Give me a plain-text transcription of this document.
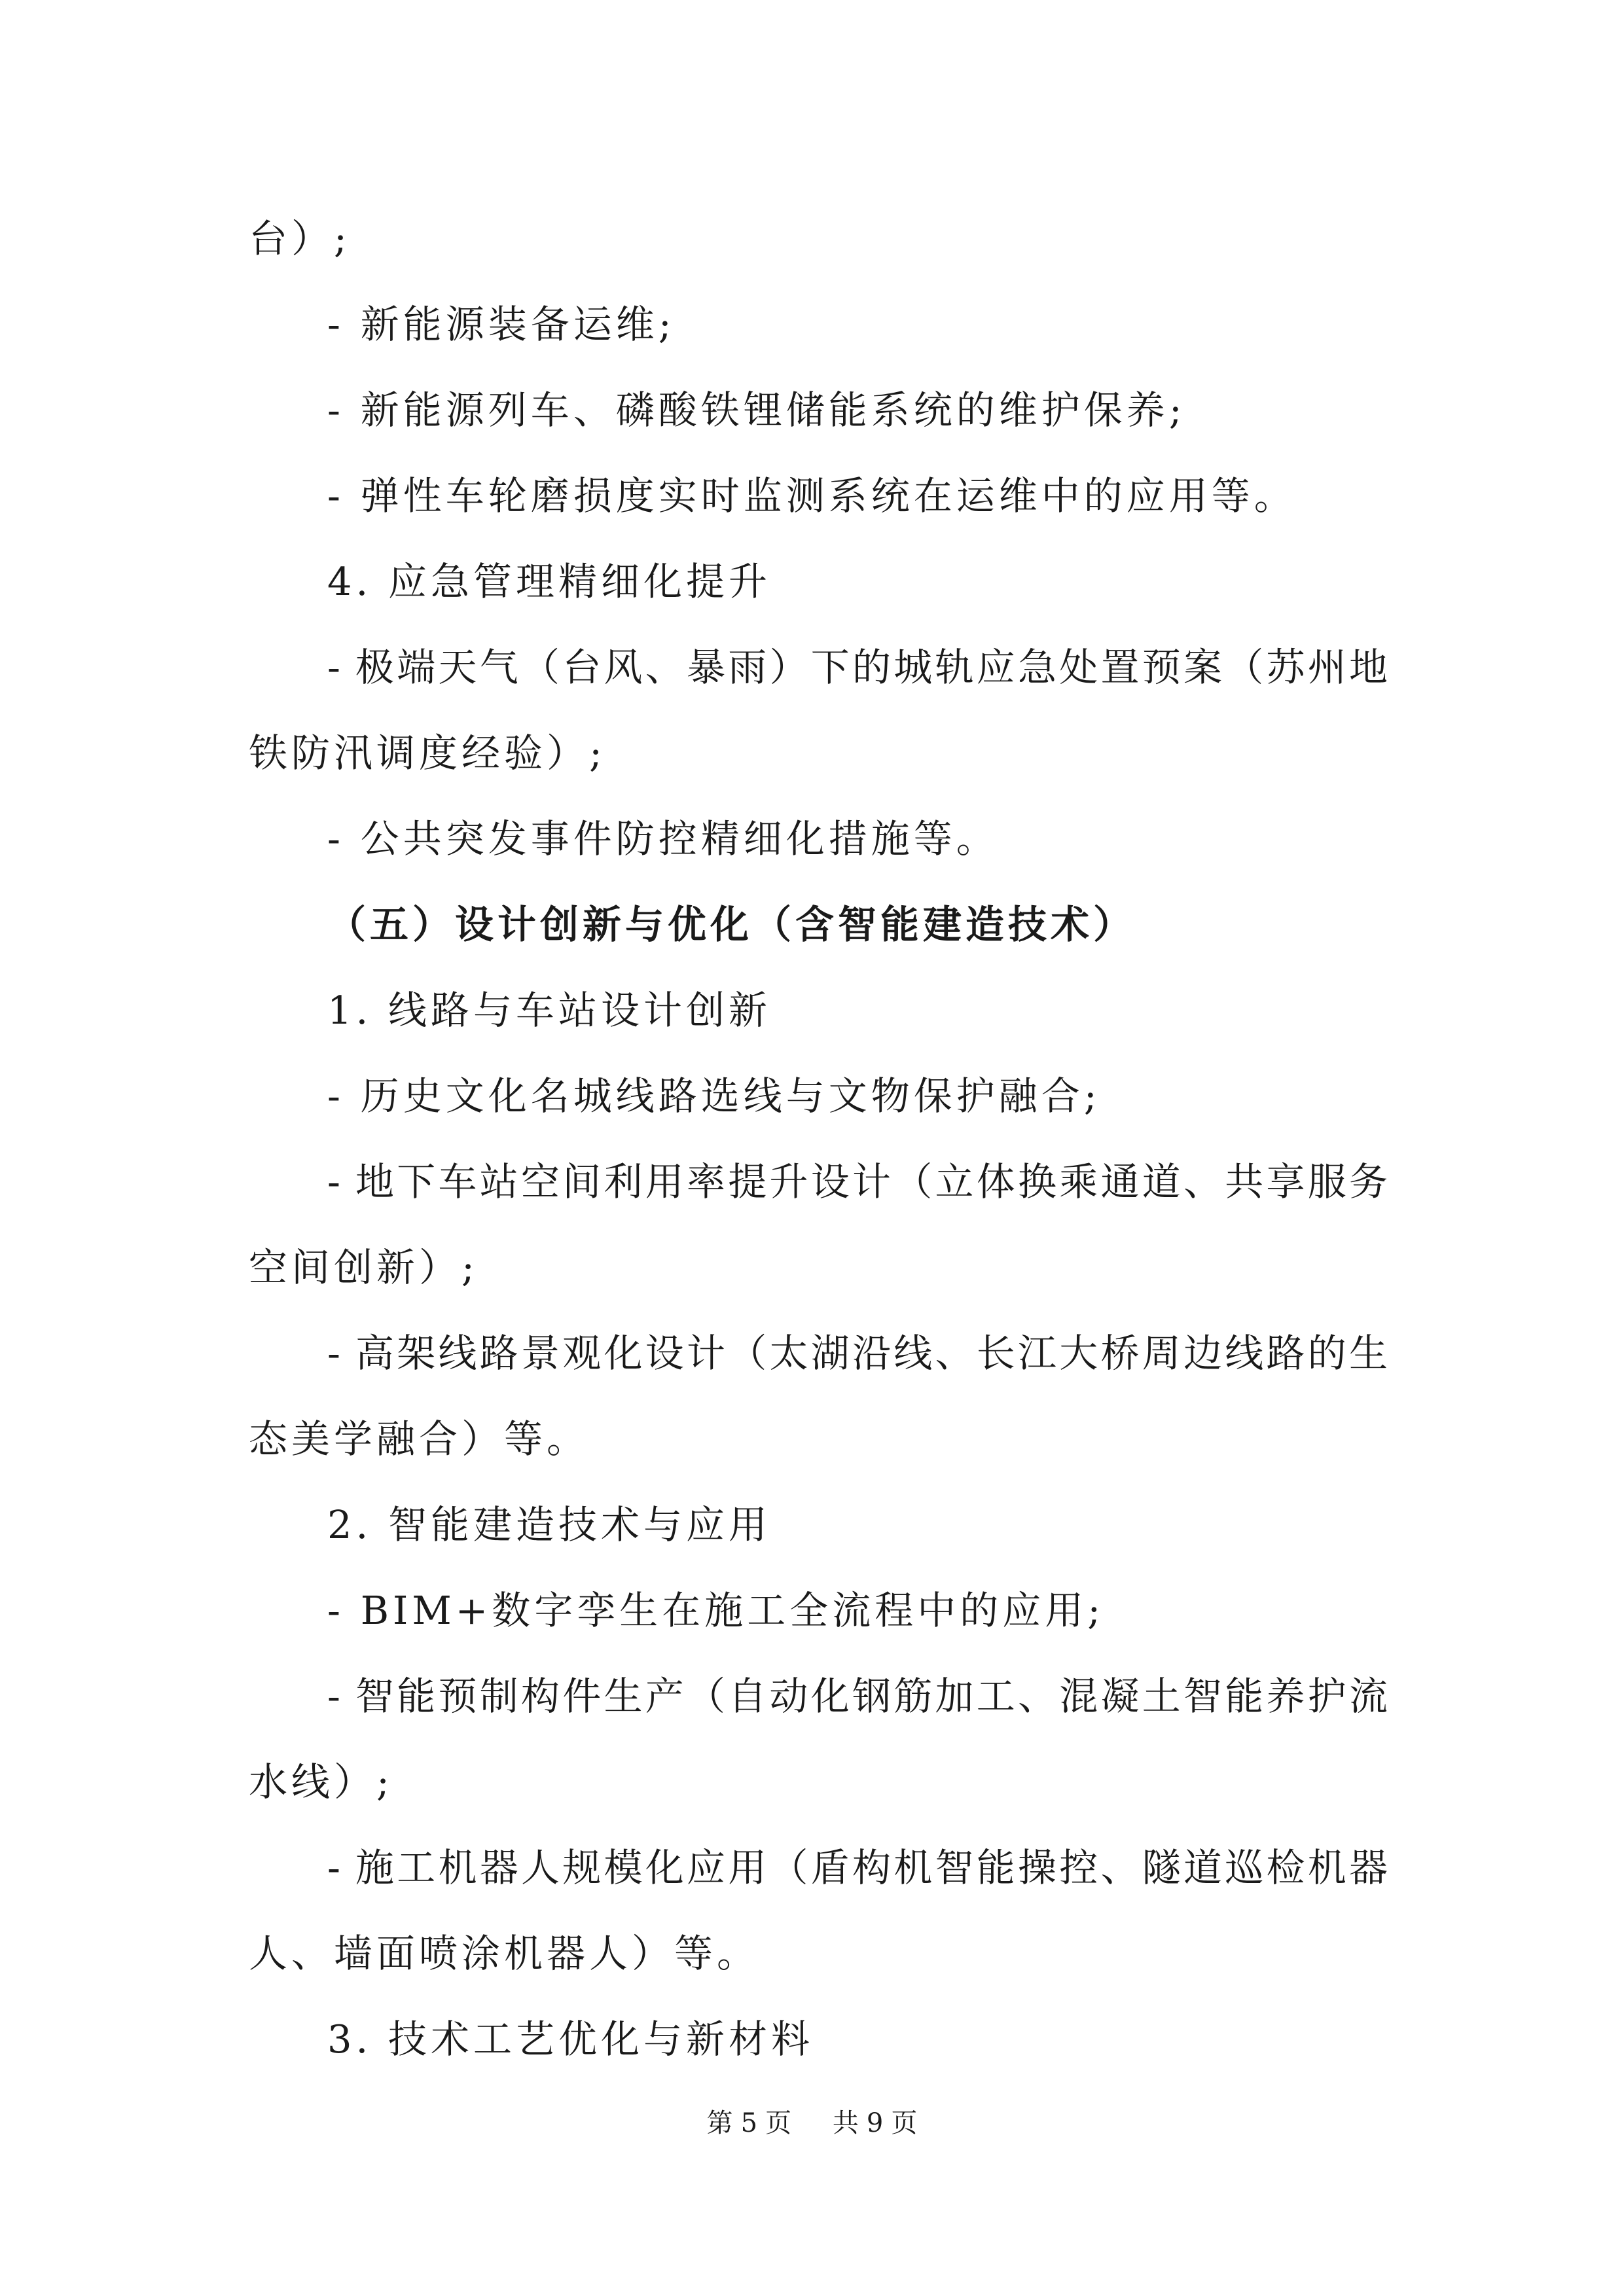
台）;
- 新能源装备运维;
- 新能源列车、磷酸铁锂储能系统的维护保养;
- 弹性车轮磨损度实时监测系统在运维中的应用等。
4. 应急管理精细化提升
- 极端天气（台风、暴雨）下的城轨应急处置预案（苏州地
铁防汛调度经验）;
- 公共突发事件防控精细化措施等。
（五）设计创新与优化（含智能建造技术）
1. 线路与车站设计创新
- 历史文化名城线路选线与文物保护融合;
- 地下车站空间利用率提升设计（立体换乘通道、共享服务
空间创新）;
- 高架线路景观化设计（太湖沿线、长江大桥周边线路的生
态美学融合）等。
2. 智能建造技术与应用
- BIM+数字孪生在施工全流程中的应用;
- 智能预制构件生产（自动化钢筋加工、混凝土智能养护流
水线）;
- 施工机器人规模化应用（盾构机智能操控、隧道巡检机器
人、墙面喷涂机器人）等。
3. 技术工艺优化与新材料
第 5 页 共 9 页
